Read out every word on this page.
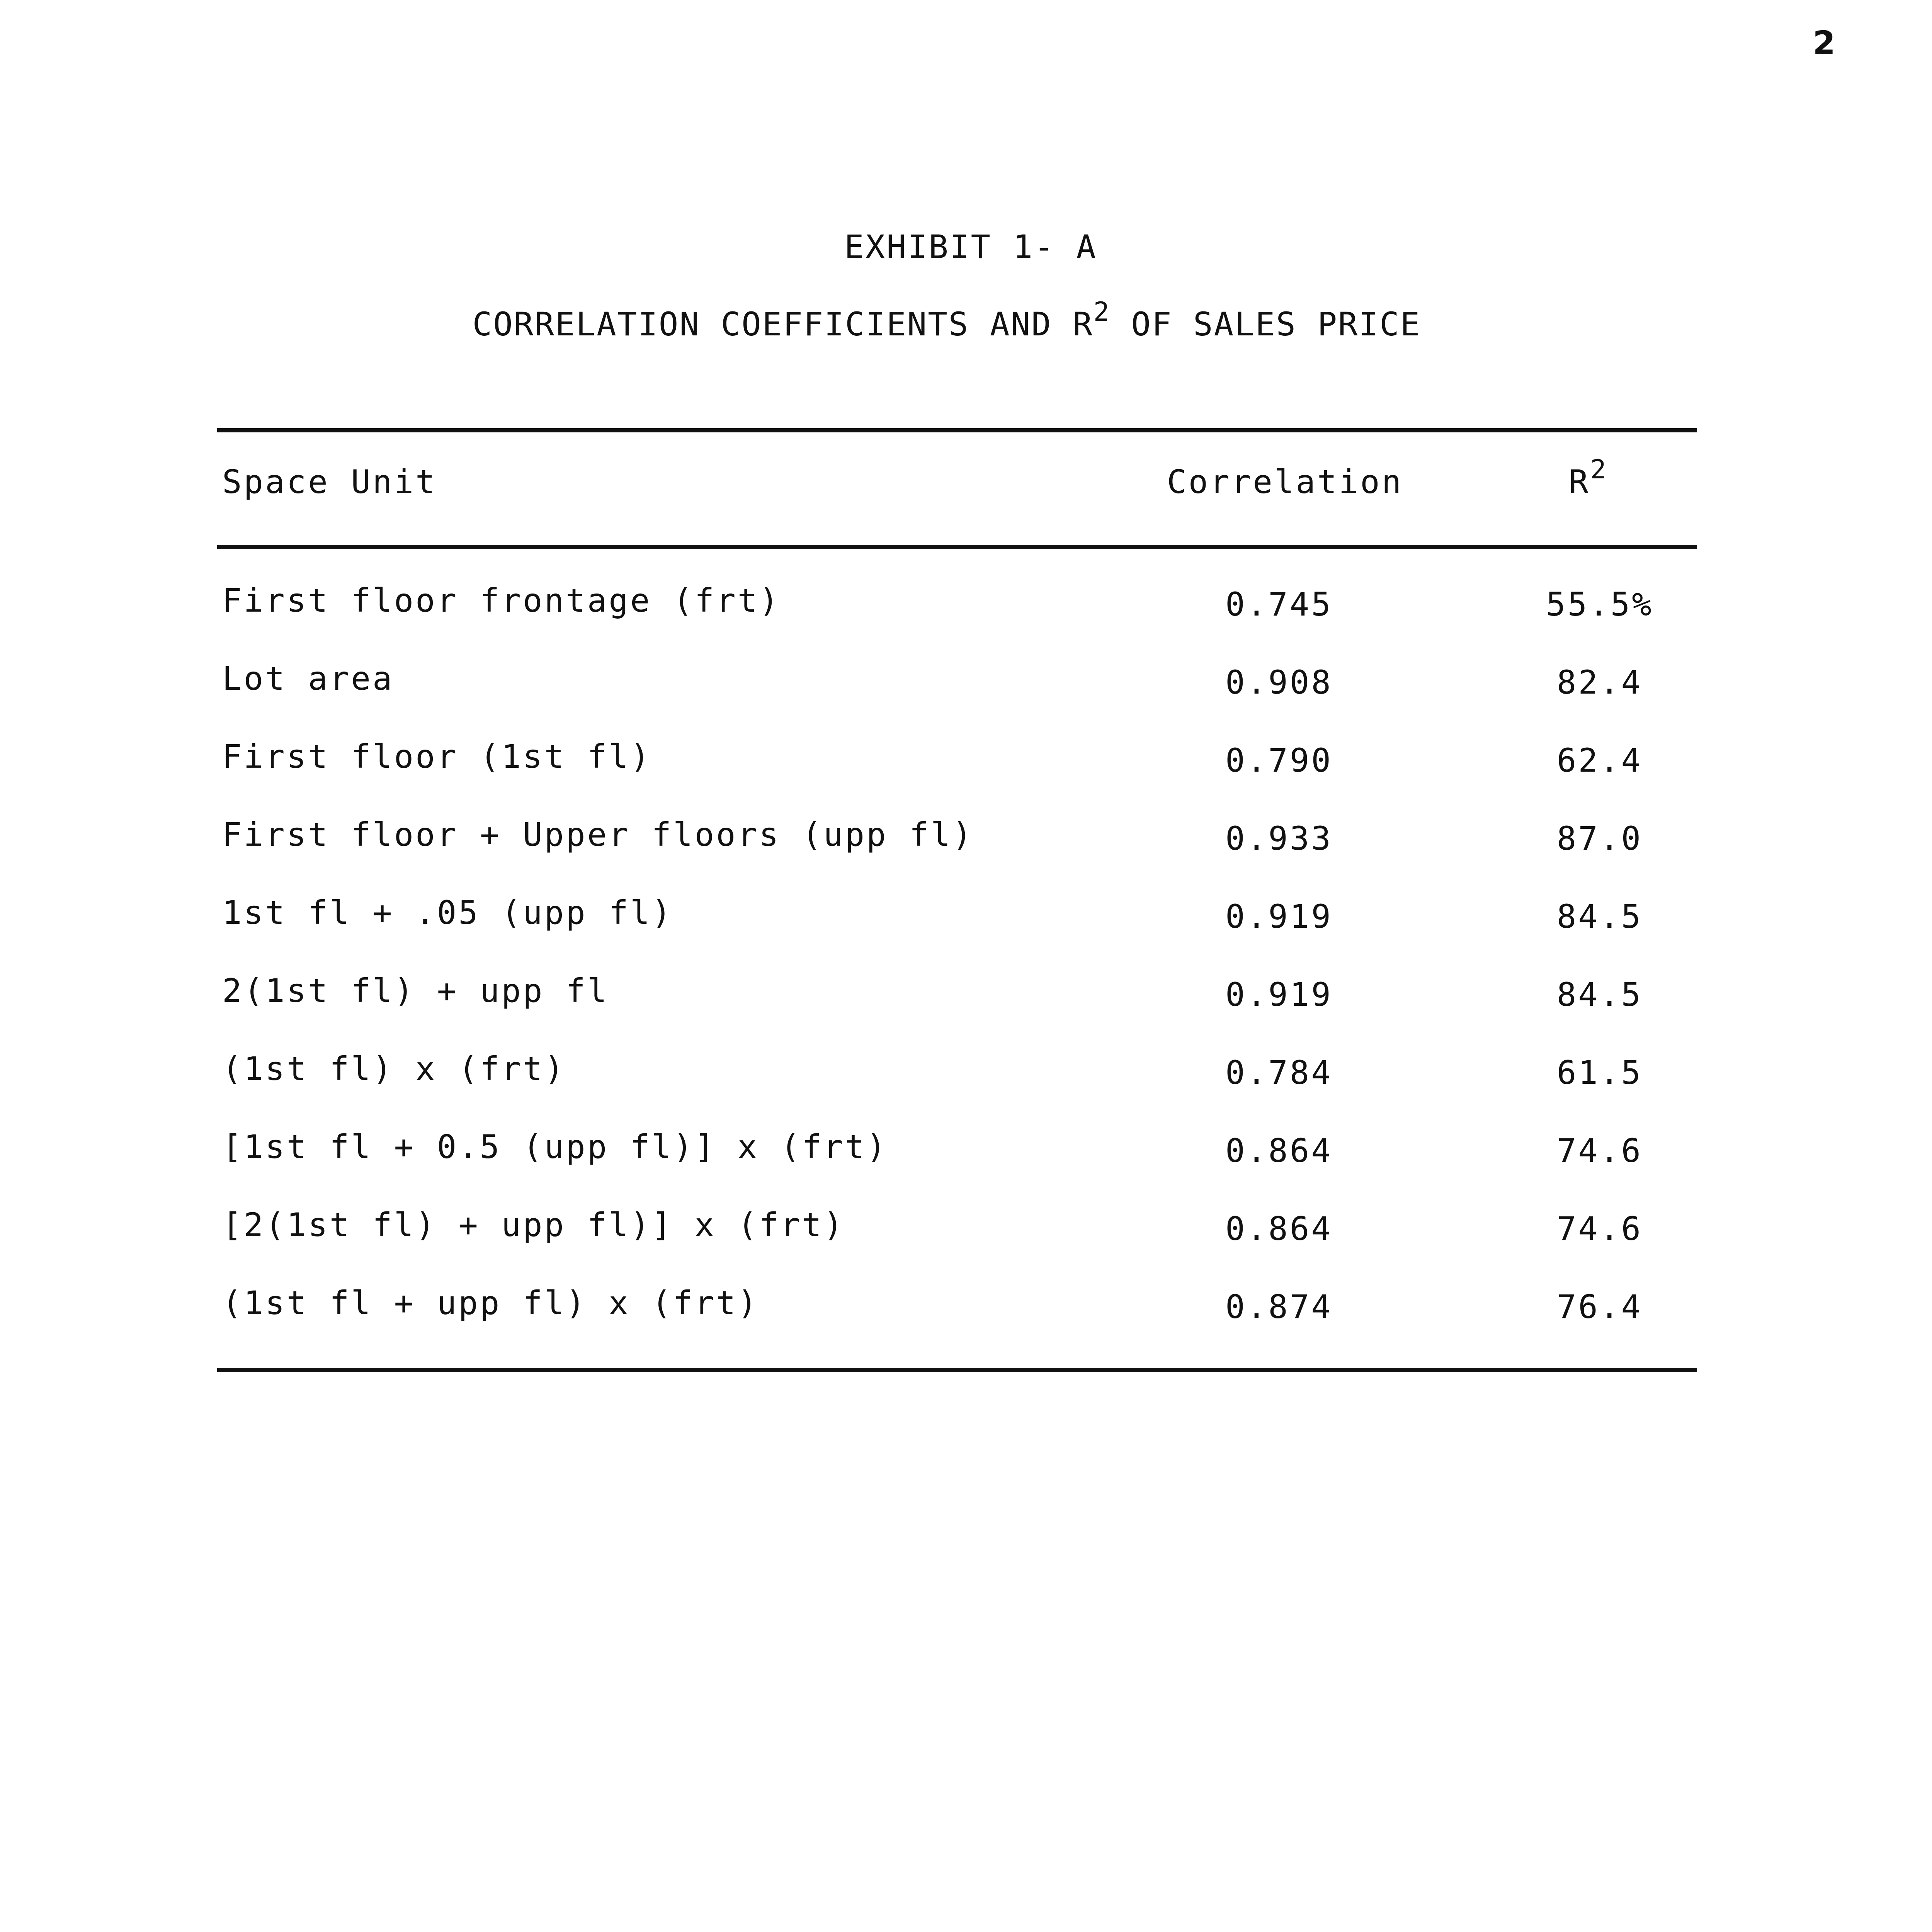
2
EXHIBIT 1- A
CORRELATION COEFFICIENTS AND $R^2$ OF SALES PRICE
Space Unit	Correlation	$R^2$
First floor frontage (frt)	0.745	55.5%
Lot area	0.908	82.4
First floor (1st fl)	0.790	62.4
First floor + Upper floors (upp fl)	0.933	87.0
1st fl + .05 (upp fl)	0.919	84.5
2(1st fl) + upp fl	0.919	84.5
(1st fl) x (frt)	0.784	61.5
[1st fl + 0.5 (upp fl)] x (frt)	0.864	74.6
[2(1st fl) + upp fl)] x (frt)	0.864	74.6
(1st fl + upp fl) x (frt)	0.874	76.4
